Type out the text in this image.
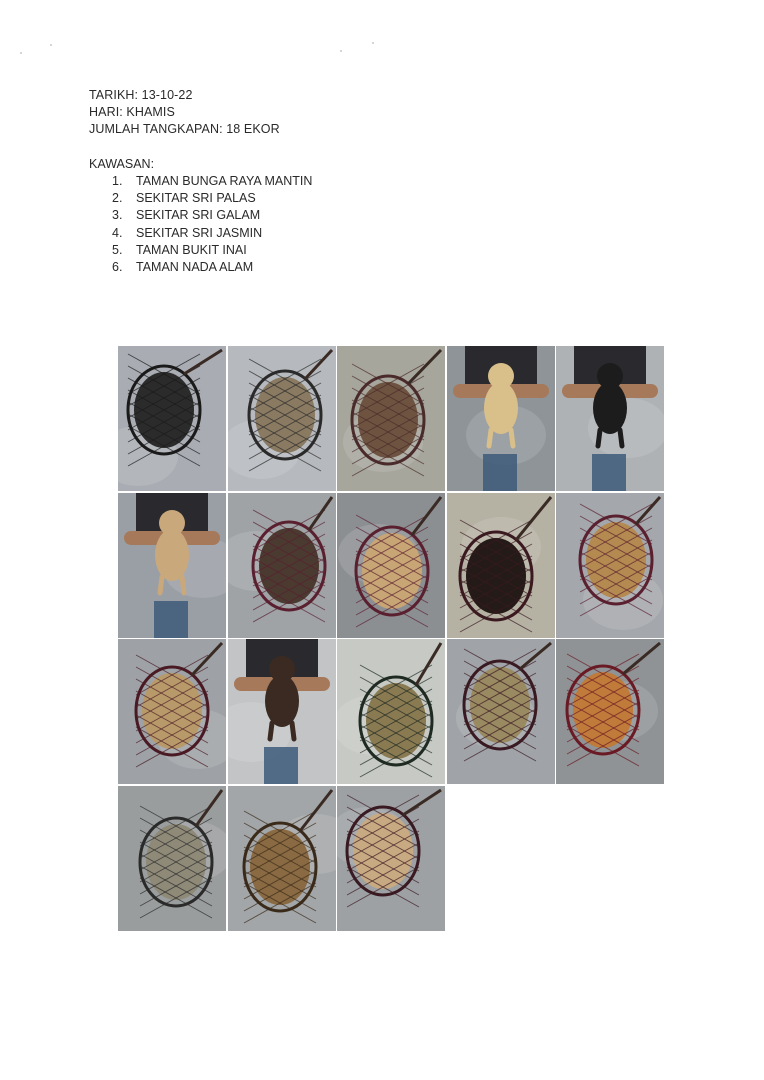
TARIKH: 13-10-22
HARI: KHAMIS
JUMLAH TANGKAPAN: 18 EKOR
KAWASAN:
1. TAMAN BUNGA RAYA MANTIN
2. SEKITAR SRI PALAS
3. SEKITAR SRI GALAM
4. SEKITAR SRI JASMIN
5. TAMAN BUKIT INAI
6. TAMAN NADA ALAM
